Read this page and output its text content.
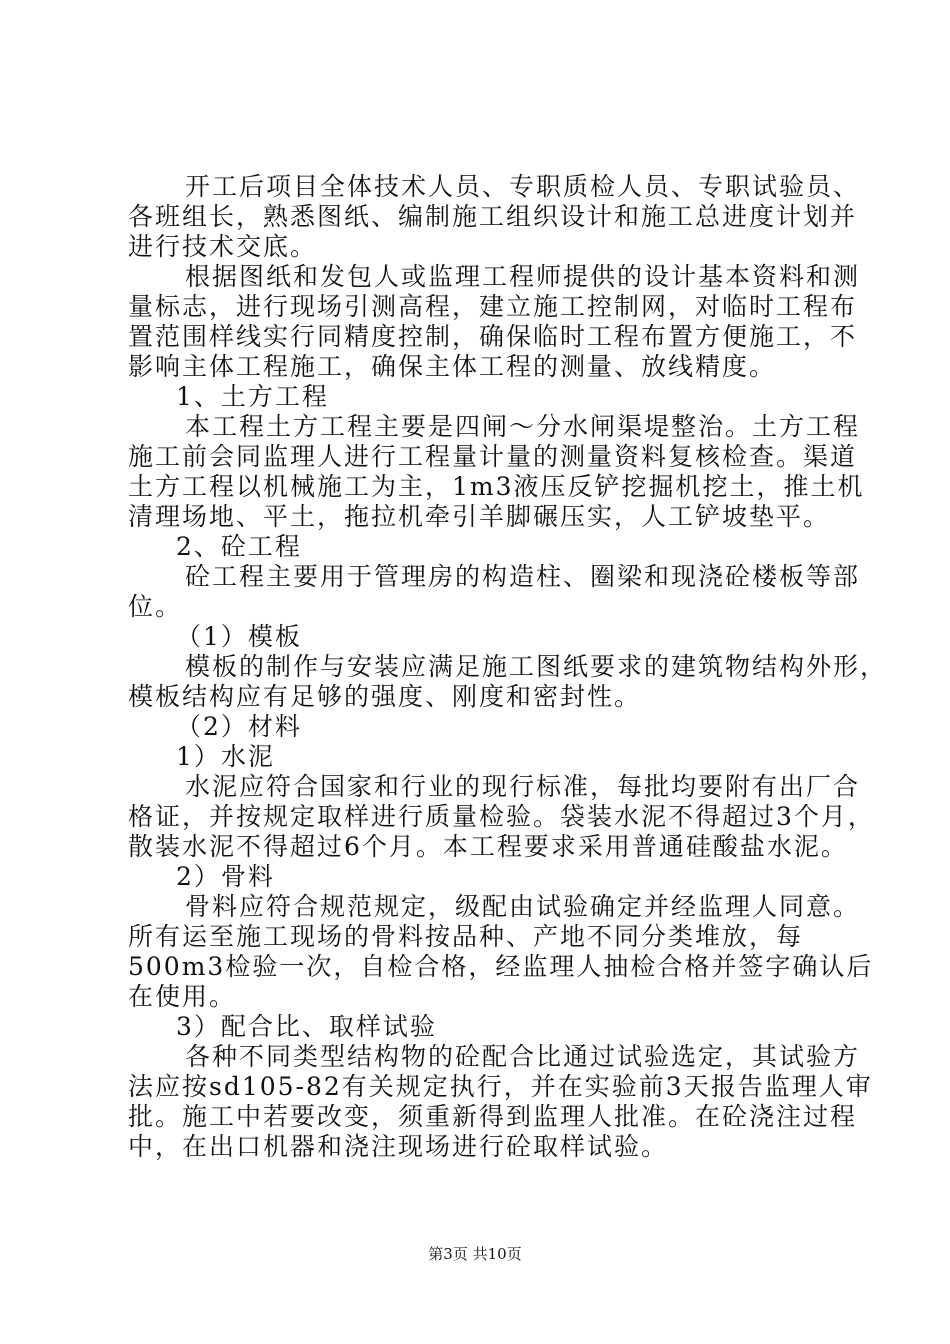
开工后项目全体技术人员、专职质检人员、专职试验员、
各班组长，熟悉图纸、编制施工组织设计和施工总进度计划并
进行技术交底。
根据图纸和发包人或监理工程师提供的设计基本资料和测
量标志，进行现场引测高程，建立施工控制网，对临时工程布
置范围样线实行同精度控制，确保临时工程布置方便施工，不
影响主体工程施工，确保主体工程的测量、放线精度。
1、土方工程
本工程土方工程主要是四闸～分水闸渠堤整治。土方工程
施工前会同监理人进行工程量计量的测量资料复核检查。渠道
土方工程以机械施工为主，1m3液压反铲挖掘机挖土，推土机
清理场地、平土，拖拉机牵引羊脚碾压实，人工铲坡垫平。
2、砼工程
砼工程主要用于管理房的构造柱、圈梁和现浇砼楼板等部
位。
（1）模板
模板的制作与安装应满足施工图纸要求的建筑物结构外形，
模板结构应有足够的强度、刚度和密封性。
（2）材料
1）水泥
水泥应符合国家和行业的现行标准，每批均要附有出厂合
格证，并按规定取样进行质量检验。袋装水泥不得超过3个月，
散装水泥不得超过6个月。本工程要求采用普通硅酸盐水泥。
2）骨料
骨料应符合规范规定，级配由试验确定并经监理人同意。
所有运至施工现场的骨料按品种、产地不同分类堆放，每
500m3检验一次，自检合格，经监理人抽检合格并签字确认后
在使用。
3）配合比、取样试验
各种不同类型结构物的砼配合比通过试验选定，其试验方
法应按sd105-82有关规定执行，并在实验前3天报告监理人审
批。施工中若要改变，须重新得到监理人批准。在砼浇注过程
中，在出口机器和浇注现场进行砼取样试验。
第3页 共10页
